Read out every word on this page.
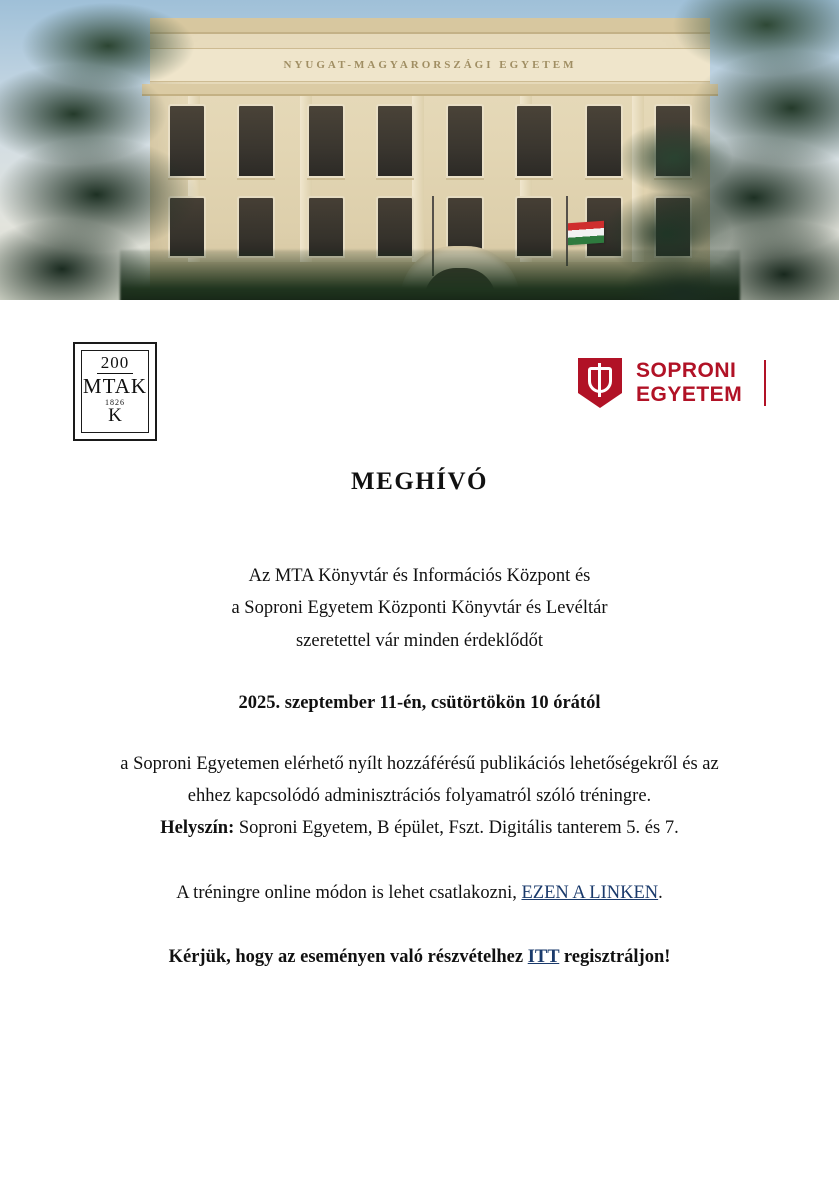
NYUGAT-MAGYARORSZÁGI EGYETEM
200
MTAK
1826
K
SOPRONI
EGYETEM
MEGHÍVÓ

Az MTA Könyvtár és Információs Központ és

a Soproni Egyetem Központi Könyvtár és Levéltár

szeretettel vár minden érdeklődőt

2025. szeptember 11-én, csütörtökön 10 órától

a Soproni Egyetemen elérhető nyílt hozzáférésű publikációs lehetőségekről és az

ehhez kapcsolódó adminisztrációs folyamatról szóló tréningre.

Helyszín: Soproni Egyetem, B épület, Fszt. Digitális tanterem 5. és 7.

A tréningre online módon is lehet csatlakozni, EZEN A LINKEN.

Kérjük, hogy az eseményen való részvételhez ITT regisztráljon!
